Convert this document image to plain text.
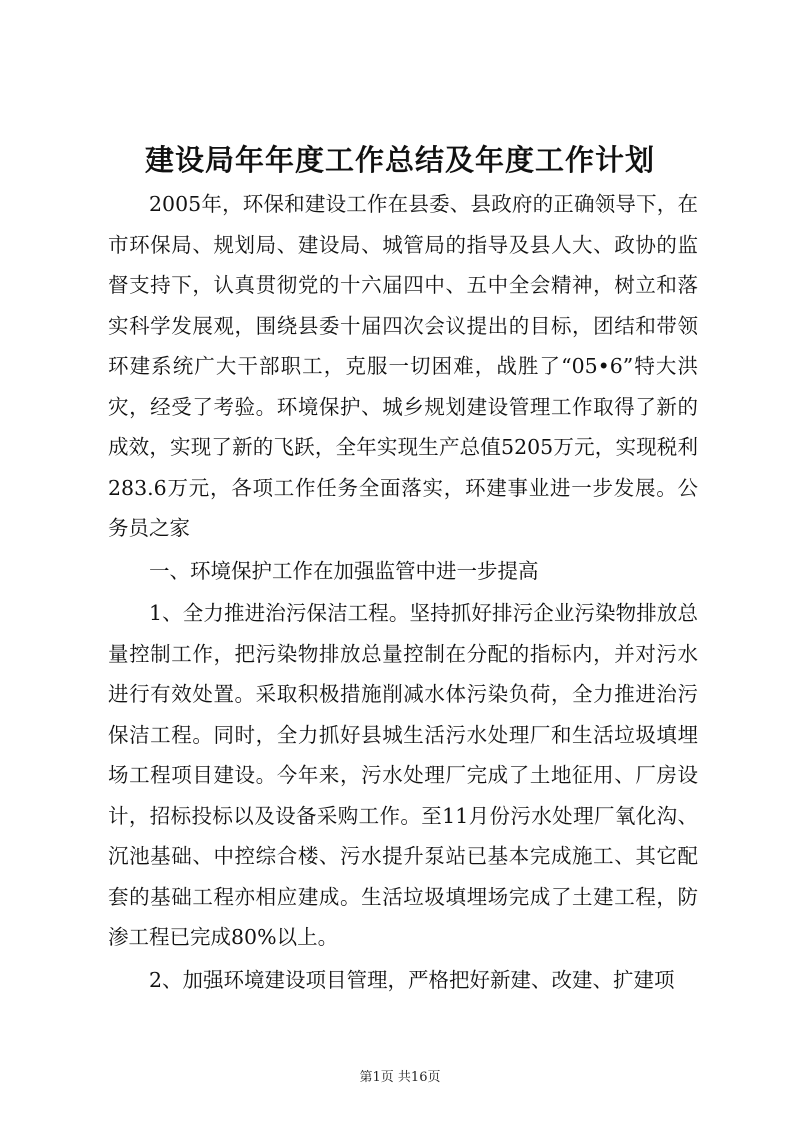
建设局年年度工作总结及年度工作计划

2005年，环保和建设工作在县委、县政府的正确领导下，在市环保局、规划局、建设局、城管局的指导及县人大、政协的监督支持下，认真贯彻党的十六届四中、五中全会精神，树立和落实科学发展观，围绕县委十届四次会议提出的目标，团结和带领环建系统广大干部职工，克服一切困难，战胜了“05•6”特大洪灾，经受了考验。环境保护、城乡规划建设管理工作取得了新的成效，实现了新的飞跃，全年实现生产总值5205万元，实现税利283.6万元，各项工作任务全面落实，环建事业进一步发展。公务员之家

一、环境保护工作在加强监管中进一步提高

1、全力推进治污保洁工程。坚持抓好排污企业污染物排放总量控制工作，把污染物排放总量控制在分配的指标内，并对污水进行有效处置。采取积极措施削减水体污染负荷，全力推进治污保洁工程。同时，全力抓好县城生活污水处理厂和生活垃圾填埋场工程项目建设。今年来，污水处理厂完成了土地征用、厂房设计，招标投标以及设备采购工作。至11月份污水处理厂氧化沟、沉池基础、中控综合楼、污水提升泵站已基本完成施工、其它配套的基础工程亦相应建成。生活垃圾填埋场完成了土建工程，防渗工程已完成80%以上。

2、加强环境建设项目管理，严格把好新建、改建、扩建项

第1页 共16页
